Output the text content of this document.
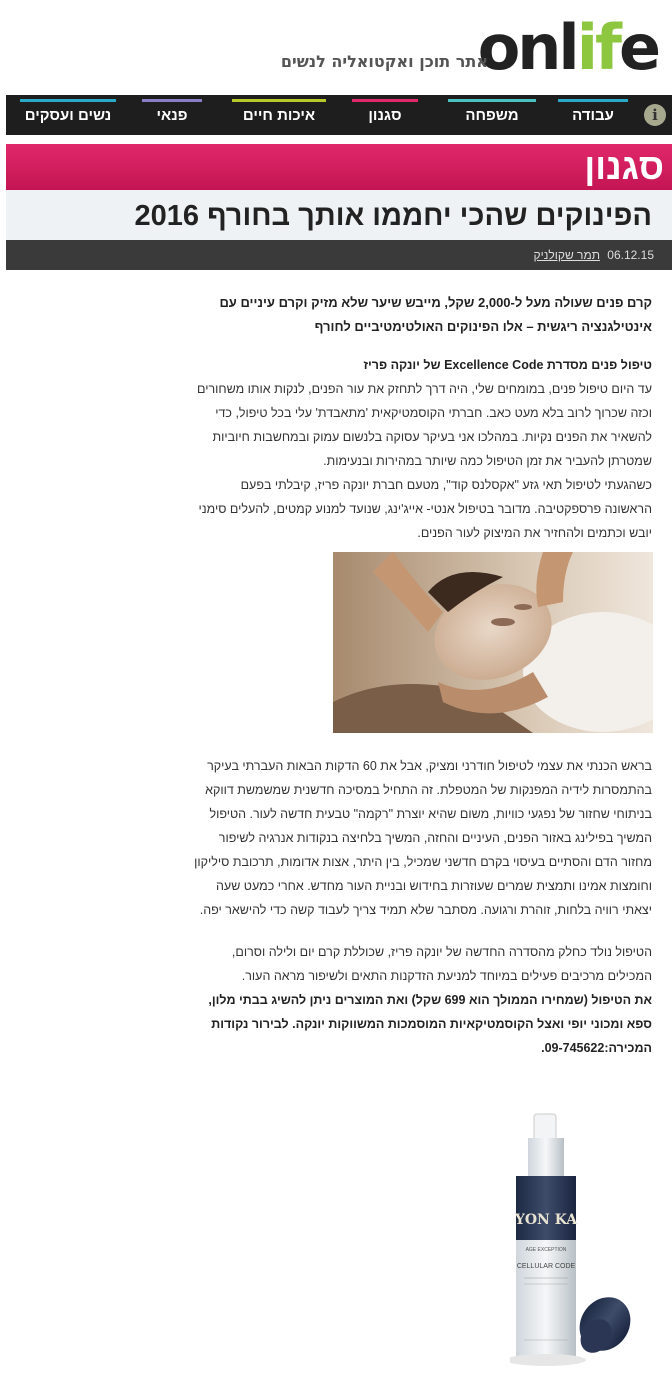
onlife
אתר תוכן ואקטואליה לנשים
i
עבודה
משפחה
סגנון
איכות חיים
פנאי
נשים ועסקים
סגנון
הפינוקים שהכי יחממו אותך בחורף 2016
06.12.15
תמר שקולניק

קרם פנים שעולה מעל ל-2,000 שקל, מייבש שיער שלא מזיק וקרם עיניים עם

אינטילגנציה ריגשית – אלו הפינוקים האולטימטיביים לחורף

טיפול פנים מסדרת Excellence Code של יונקה פריז

עד היום טיפול פנים, במומחים שלי, היה דרך לתחזק את עור הפנים, לנקות אותו משחורים

וכזה שכרוך לרוב בלא מעט כאב. חברתי הקוסמטיקאית 'מתאבדת' עלי בכל טיפול, כדי

להשאיר את הפנים נקיות. במהלכו אני בעיקר עסוקה בלנשום עמוק ובמחשבות חיוביות

שמטרתן להעביר את זמן הטיפול כמה שיותר במהירות ובנעימות.

כשהגעתי לטיפול תאי גזע "אקסלנס קוד", מטעם חברת יונקה פריז, קיבלתי בפעם

הראשונה פרספקטיבה. מדובר בטיפול אנטי- אייג'ינג, שנועד למנוע קמטים, להעלים סימני

יובש וכתמים ולהחזיר את המיצוק לעור הפנים.

בראש הכנתי את עצמי לטיפול חודרני ומציק, אבל את 60 הדקות הבאות העברתי בעיקר

בהתמסרות לידיה המפנקות של המטפלת. זה התחיל במסיכה חדשנית שמשמשת דווקא

בניתוחי שחזור של נפגעי כוויות, משום שהיא יוצרת "רקמה" טבעית חדשה לעור. הטיפול

המשיך בפילינג באזור הפנים, העיניים והחזה, המשיך בלחיצה בנקודות אנרגיה לשיפור

מחזור הדם והסתיים בעיסוי בקרם חדשני שמכיל, בין היתר, אצות אדומות, תרכובת סיליקון

וחומצות אמינו ותמצית שמרים שעוזרות בחידוש ובניית העור מחדש. אחרי כמעט שעה

יצאתי רוויה בלחות, זוהרת ורגועה. מסתבר שלא תמיד צריך לעבוד קשה כדי להישאר יפה.

הטיפול נולד כחלק מהסדרה החדשה של יונקה פריז, שכוללת קרם יום ולילה וסרום,

המכילים מרכיבים פעילים במיוחד למניעת הזדקנות התאים ולשיפור מראה העור.

את הטיפול (שמחירו הממולך הוא 699 שקל) ואת המוצרים ניתן להשיג בבתי מלון,

ספא ומכוני יופי ואצל הקוסמטיקאיות המוסמכות המשווקות יונקה. לבירור נקודות

המכירה:09-745622.

YON KA
AGE EXCEPTION
CELLULAR CODE
